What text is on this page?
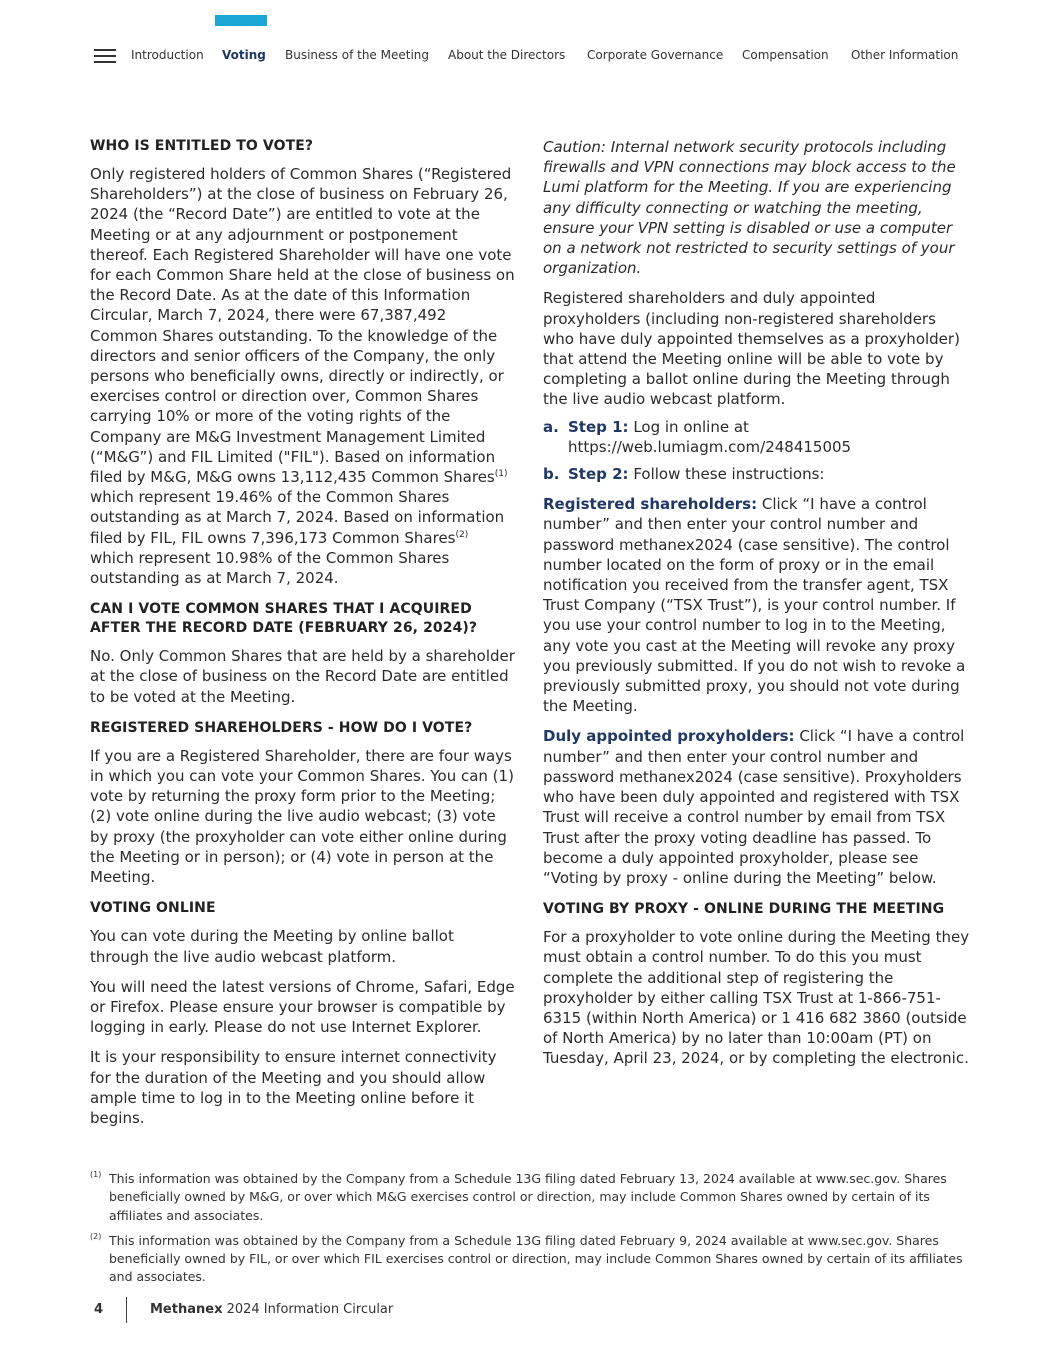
Introduction Voting Business of the Meeting About the Directors Corporate Governance Compensation Other Information
WHO IS ENTITLED TO VOTE?

Only registered holders of Common Shares (“Registered Shareholders”) at the close of business on February 26, 2024 (the “Record Date”) are entitled to vote at the Meeting or at any adjournment or postponement thereof. Each Registered Shareholder will have one vote for each Common Share held at the close of business on the Record Date. As at the date of this Information Circular, March 7, 2024, there were 67,387,492 Common Shares outstanding. To the knowledge of the directors and senior officers of the Company, the only persons who beneficially owns, directly or indirectly, or exercises control or direction over, Common Shares carrying 10% or more of the voting rights of the Company are M&G Investment Management Limited (“M&G”) and FIL Limited ("FIL"). Based on information filed by M&G, M&G owns 13,112,435 Common Shares$^{(1)}$ which represent 19.46% of the Common Shares outstanding as at March 7, 2024. Based on information filed by FIL, FIL owns 7,396,173 Common Shares$^{(2)}$ which represent 10.98% of the Common Shares outstanding as at March 7, 2024.

CAN I VOTE COMMON SHARES THAT I ACQUIRED AFTER THE RECORD DATE (FEBRUARY 26, 2024)?

No. Only Common Shares that are held by a shareholder at the close of business on the Record Date are entitled to be voted at the Meeting.

REGISTERED SHAREHOLDERS - HOW DO I VOTE?

If you are a Registered Shareholder, there are four ways in which you can vote your Common Shares. You can (1) vote by returning the proxy form prior to the Meeting; (2) vote online during the live audio webcast; (3) vote by proxy (the proxyholder can vote either online during the Meeting or in person); or (4) vote in person at the Meeting.

VOTING ONLINE

You can vote during the Meeting by online ballot through the live audio webcast platform.

You will need the latest versions of Chrome, Safari, Edge or Firefox. Please ensure your browser is compatible by logging in early. Please do not use Internet Explorer.

It is your responsibility to ensure internet connectivity for the duration of the Meeting and you should allow ample time to log in to the Meeting online before it begins.

Caution: Internal network security protocols including firewalls and VPN connections may block access to the Lumi platform for the Meeting. If you are experiencing any difficulty connecting or watching the meeting, ensure your VPN setting is disabled or use a computer on a network not restricted to security settings of your organization.

Registered shareholders and duly appointed proxyholders (including non-registered shareholders who have duly appointed themselves as a proxyholder) that attend the Meeting online will be able to vote by completing a ballot online during the Meeting through the live audio webcast platform.

a. Step 1: Log in online at https://web.lumiagm.com/248415005
b. Step 2: Follow these instructions:

Registered shareholders: Click “I have a control number” and then enter your control number and password methanex2024 (case sensitive). The control number located on the form of proxy or in the email notification you received from the transfer agent, TSX Trust Company (“TSX Trust”), is your control number. If you use your control number to log in to the Meeting, any vote you cast at the Meeting will revoke any proxy you previously submitted. If you do not wish to revoke a previously submitted proxy, you should not vote during the Meeting.

Duly appointed proxyholders: Click “I have a control number” and then enter your control number and password methanex2024 (case sensitive). Proxyholders who have been duly appointed and registered with TSX Trust will receive a control number by email from TSX Trust after the proxy voting deadline has passed. To become a duly appointed proxyholder, please see “Voting by proxy - online during the Meeting” below.

VOTING BY PROXY - ONLINE DURING THE MEETING

For a proxyholder to vote online during the Meeting they must obtain a control number. To do this you must complete the additional step of registering the proxyholder by either calling TSX Trust at 1-866-751-6315 (within North America) or 1 416 682 3860 (outside of North America) by no later than 10:00am (PT) on Tuesday, April 23, 2024, or by completing the electronic.

(1) This information was obtained by the Company from a Schedule 13G filing dated February 13, 2024 available at www.sec.gov. Shares beneficially owned by M&G, or over which M&G exercises control or direction, may include Common Shares owned by certain of its affiliates and associates.
(2) This information was obtained by the Company from a Schedule 13G filing dated February 9, 2024 available at www.sec.gov. Shares beneficially owned by FIL, or over which FIL exercises control or direction, may include Common Shares owned by certain of its affiliates and associates.
4	Methanex 2024 Information Circular
